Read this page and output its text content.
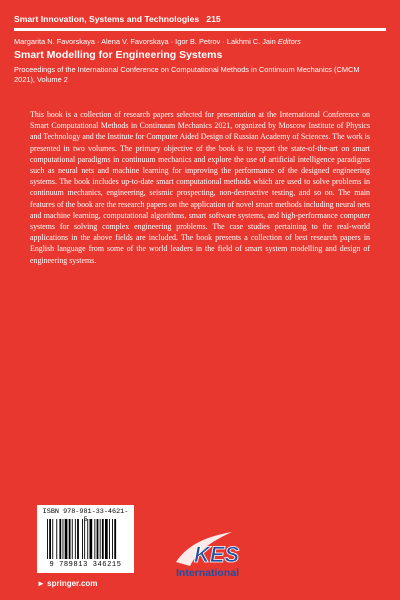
Smart Innovation, Systems and Technologies 215
Margarita N. Favorskaya · Alena V. Favorskaya · Igor B. Petrov · Lakhmi C. Jain Editors
Smart Modelling for Engineering Systems
Proceedings of the International Conference on Computational Methods in Continuum Mechanics (CMCM 2021), Volume 2
This book is a collection of research papers selected for presentation at the International Conference on Smart Computational Methods in Continuum Mechanics 2021, organized by Moscow Institute of Physics and Technology and the Institute for Computer Aided Design of Russian Academy of Sciences. The work is presented in two volumes. The primary objective of the book is to report the state-of-the-art on smart computational paradigms in continuum mechanics and explore the use of artificial intelligence paradigms such as neural nets and machine learning for improving the performance of the designed engineering systems. The book includes up-to-date smart computational methods which are used to solve problems in continuum mechanics, engineering, seismic prospecting, non-destructive testing, and so on. The main features of the book are the research papers on the application of novel smart methods including neural nets and machine learning, computational algorithms, smart software systems, and high-performance computer systems for solving complex engineering problems. The case studies pertaining to the real-world applications in the above fields are included. The book presents a collection of best research papers in English language from some of the world leaders in the field of smart system modelling and design of engineering systems.
ISBN 978-981-33-4621-5
9 789813 346215
► springer.com
KES
International
